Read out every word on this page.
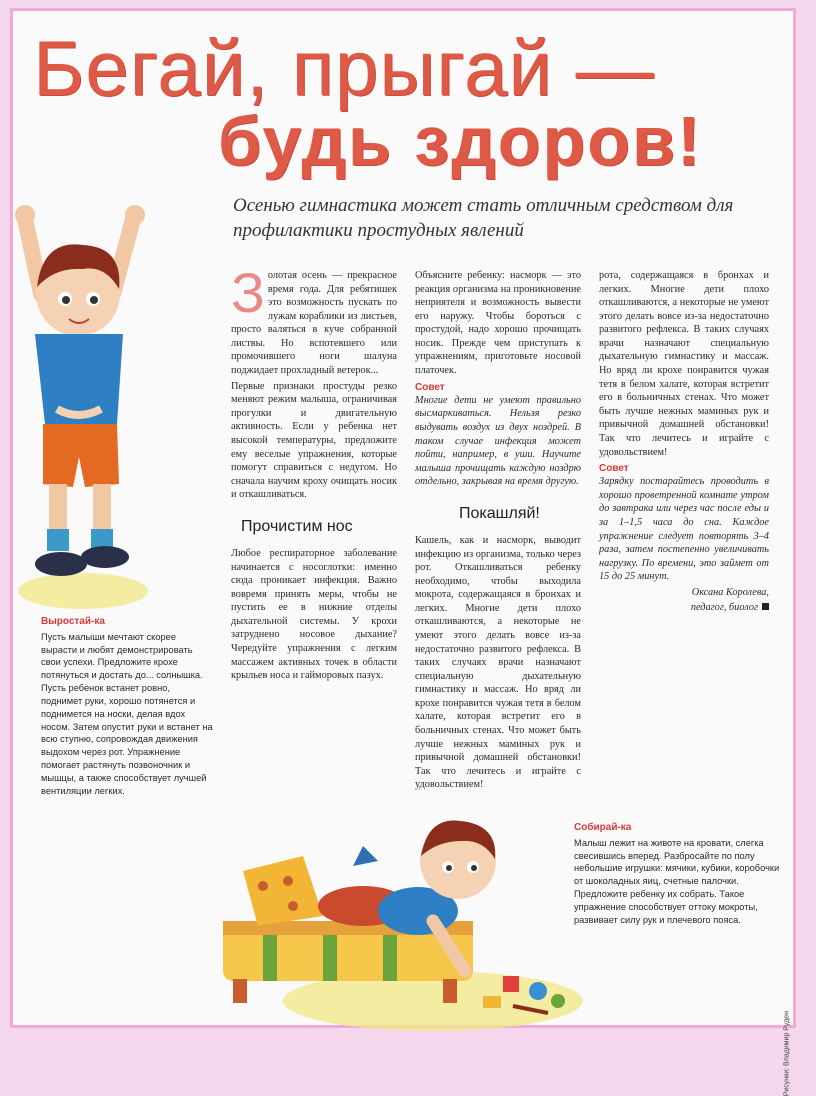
Бегай, прыгай —
будь здоров!
Осенью гимнастика может стать отличным средством для профилактики простудных явлений
З олотая осень — прекрасное время года. Для ребятишек это возможность пускать по лужам кораблики из листьев, просто валяться в куче собранной листвы. Но вспотевшего или промочившего ноги шалуна поджидает прохладный ветерок...

Первые признаки простуды резко меняют режим малыша, ограничивая прогулки и двигательную активность. Если у ребенка нет высокой температуры, предложите ему веселые упражнения, которые помогут справиться с недугом. Но сначала научим кроху очищать носик и откашливаться.

Прочистим нос

Любое респираторное заболевание начинается с носоглотки: именно сюда проникает инфекция. Важно вовремя принять меры, чтобы не пустить ее в нижние отделы дыхательной системы. У крохи затруднено носовое дыхание? Чередуйте упражнения с легким массажем активных точек в области крыльев носа и гайморовых пазух.

Объясните ребенку: насморк — это реакция организма на проникновение неприятеля и возможность вывести его наружу. Чтобы бороться с простудой, надо хорошо прочищать носик. Прежде чем приступать к упражнениям, приготовьте носовой платочек.

Совет

Многие дети не умеют правильно высмаркиваться. Нельзя резко выдувать воздух из двух ноздрей. В таком случае инфекция может пойти, например, в уши. Научите малыша прочищать каждую ноздрю отдельно, закрывая на время другую.

Покашляй!

Кашель, как и насморк, выводит инфекцию из организма, только через рот. Откашливаться ребенку необходимо, чтобы выходила мокрота, содержащаяся в бронхах и легких. Многие дети плохо откашливаются, а некоторые не умеют этого делать вовсе из-за недостаточно развитого рефлекса. В таких случаях врачи назначают специальную дыхательную гимнастику и массаж. Но вряд ли крохе понравится чужая тетя в белом халате, которая встретит его в больничных стенах. Что может быть лучше нежных маминых рук и привычной домашней обстановки! Так что лечитесь и играйте с удовольствием!

рота, содержащаяся в бронхах и легких. Многие дети плохо откашливаются, а некоторые не умеют этого делать вовсе из-за недостаточно развитого рефлекса. В таких случаях врачи назначают специальную дыхательную гимнастику и массаж. Но вряд ли крохе понравится чужая тетя в белом халате, которая встретит его в больничных стенах. Что может быть лучше нежных маминых рук и привычной домашней обстановки! Так что лечитесь и играйте с удовольствием!

Совет

Зарядку постарайтесь проводить в хорошо проветренной комнате утром до завтрака или через час после еды и за 1–1,5 часа до сна. Каждое упражнение следует повторять 3–4 раза, затем постепенно увеличивать нагрузку. По времени, это займет от 15 до 25 минут.

Оксана Королева,
педагог, биолог
Выростай-ка
Пусть малыши мечтают скорее вырасти и любят демонстрировать свои успехи. Предложите крохе потянуться и достать до... солнышка. Пусть ребенок встанет ровно, поднимет руки, хорошо потянется и поднимется на носки, делая вдох носом. Затем опустит руки и встанет на всю ступню, сопровождая движения выдохом через рот. Упражнение помогает растянуть позвоночник и мышцы, а также способствует лучшей вентиляции легких.
Собирай-ка
Малыш лежит на животе на кровати, слегка свесившись вперед. Разбросайте по полу небольшие игрушки: мячики, кубики, коробочки от шоколадных яиц, счетные палочки. Предложите ребенку их собрать. Такое упражнение способствует оттоку мокроты, развивает силу рук и плечевого пояса.
Рисунки: Владимир Руден
